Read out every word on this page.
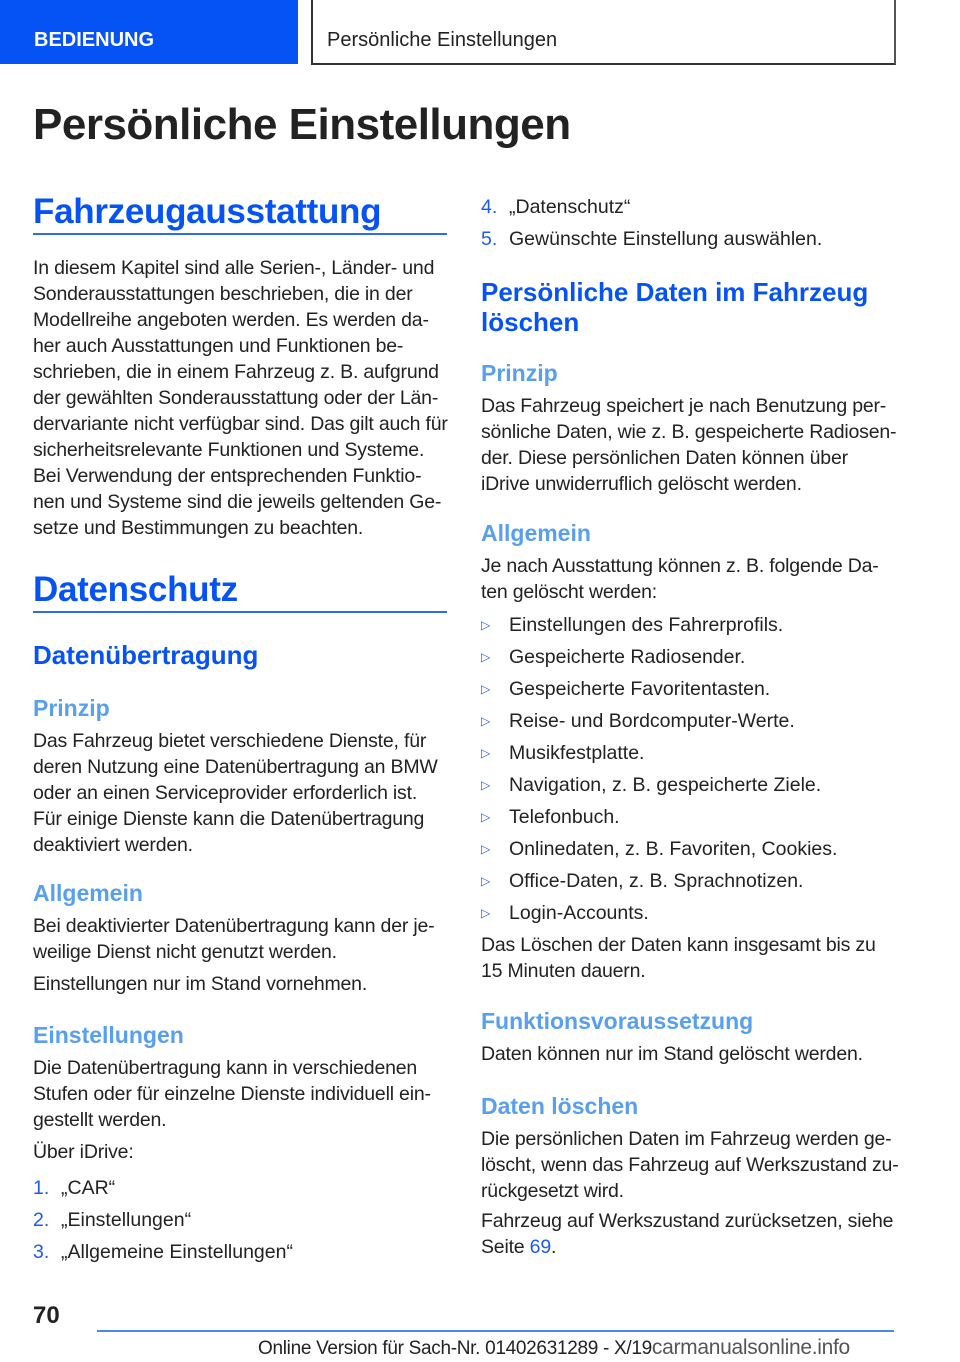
BEDIENUNG	Persönliche Einstellungen
Persönliche Einstellungen
Fahrzeugausstattung
In diesem Kapitel sind alle Serien-, Länder- und
Sonderausstattungen beschrieben, die in der
Modellreihe angeboten werden. Es werden da-
her auch Ausstattungen und Funktionen be-
schrieben, die in einem Fahrzeug z. B. aufgrund
der gewählten Sonderausstattung oder der Län-
dervariante nicht verfügbar sind. Das gilt auch für
sicherheitsrelevante Funktionen und Systeme.
Bei Verwendung der entsprechenden Funktio-
nen und Systeme sind die jeweils geltenden Ge-
setze und Bestimmungen zu beachten.
Datenschutz
Datenübertragung
Prinzip
Das Fahrzeug bietet verschiedene Dienste, für
deren Nutzung eine Datenübertragung an BMW
oder an einen Serviceprovider erforderlich ist.
Für einige Dienste kann die Datenübertragung
deaktiviert werden.
Allgemein
Bei deaktivierter Datenübertragung kann der je-
weilige Dienst nicht genutzt werden.
Einstellungen nur im Stand vornehmen.
Einstellungen
Die Datenübertragung kann in verschiedenen
Stufen oder für einzelne Dienste individuell ein-
gestellt werden.
Über iDrive:
1. „CAR“
2. „Einstellungen“
3. „Allgemeine Einstellungen“
4. „Datenschutz“
5. Gewünschte Einstellung auswählen.
Persönliche Daten im Fahrzeug
löschen
Prinzip
Das Fahrzeug speichert je nach Benutzung per-
sönliche Daten, wie z. B. gespeicherte Radiosen-
der. Diese persönlichen Daten können über
iDrive unwiderruflich gelöscht werden.
Allgemein
Je nach Ausstattung können z. B. folgende Da-
ten gelöscht werden:
▷ Einstellungen des Fahrerprofils.
▷ Gespeicherte Radiosender.
▷ Gespeicherte Favoritentasten.
▷ Reise- und Bordcomputer-Werte.
▷ Musikfestplatte.
▷ Navigation, z. B. gespeicherte Ziele.
▷ Telefonbuch.
▷ Onlinedaten, z. B. Favoriten, Cookies.
▷ Office-Daten, z. B. Sprachnotizen.
▷ Login-Accounts.
Das Löschen der Daten kann insgesamt bis zu
15 Minuten dauern.
Funktionsvoraussetzung
Daten können nur im Stand gelöscht werden.
Daten löschen
Die persönlichen Daten im Fahrzeug werden ge-
löscht, wenn das Fahrzeug auf Werkszustand zu-
rückgesetzt wird.
Fahrzeug auf Werkszustand zurücksetzen, siehe
Seite 69.
70
Online Version für Sach-Nr. 01402631289 - X/19carmanualsonline.info
